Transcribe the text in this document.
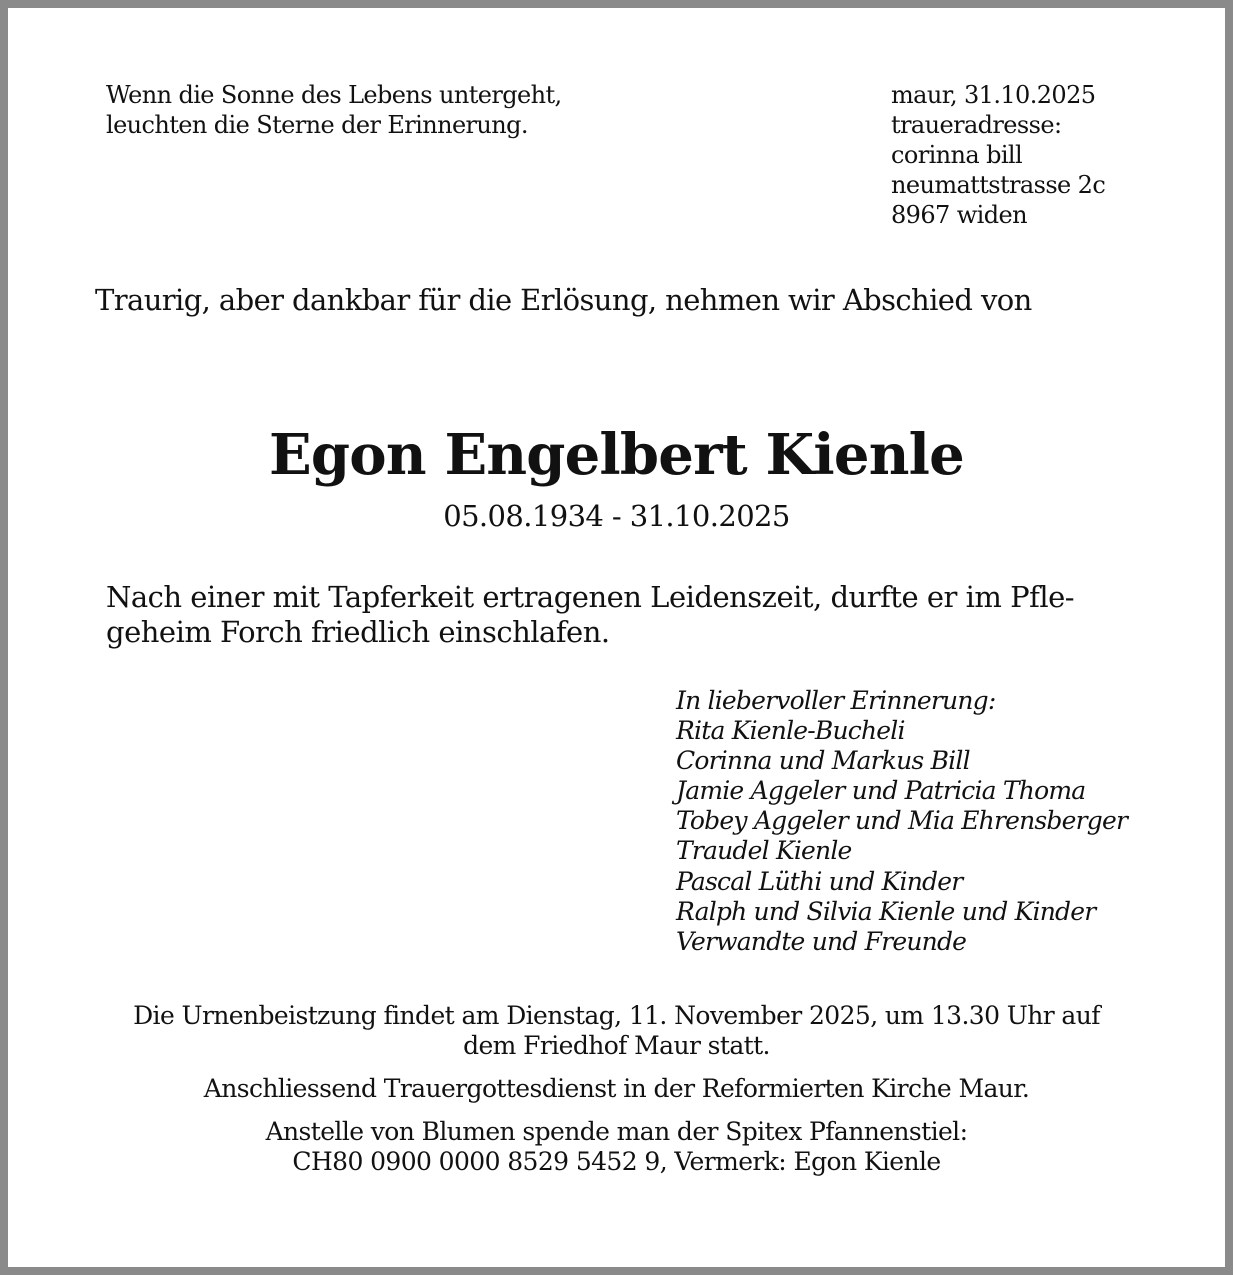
Wenn die Sonne des Lebens untergeht,
leuchten die Sterne der Erinnerung.
maur, 31.10.2025
traueradresse:
corinna bill
neumattstrasse 2c
8967 widen
Traurig, aber dankbar für die Erlösung, nehmen wir Abschied von
Egon Engelbert Kienle
05.08.1934 - 31.10.2025
Nach einer mit Tapferkeit ertragenen Leidenszeit, durfte er im Pfle-
geheim Forch friedlich einschlafen.
In liebervoller Erinnerung:
Rita Kienle-Bucheli
Corinna und Markus Bill
Jamie Aggeler und Patricia Thoma
Tobey Aggeler und Mia Ehrensberger
Traudel Kienle
Pascal Lüthi und Kinder
Ralph und Silvia Kienle und Kinder
Verwandte und Freunde

Die Urnenbeistzung findet am Dienstag, 11. November 2025, um 13.30 Uhr auf
dem Friedhof Maur statt.

Anschliessend Trauergottesdienst in der Reformierten Kirche Maur.

Anstelle von Blumen spende man der Spitex Pfannenstiel:
CH80 0900 0000 8529 5452 9, Vermerk: Egon Kienle
